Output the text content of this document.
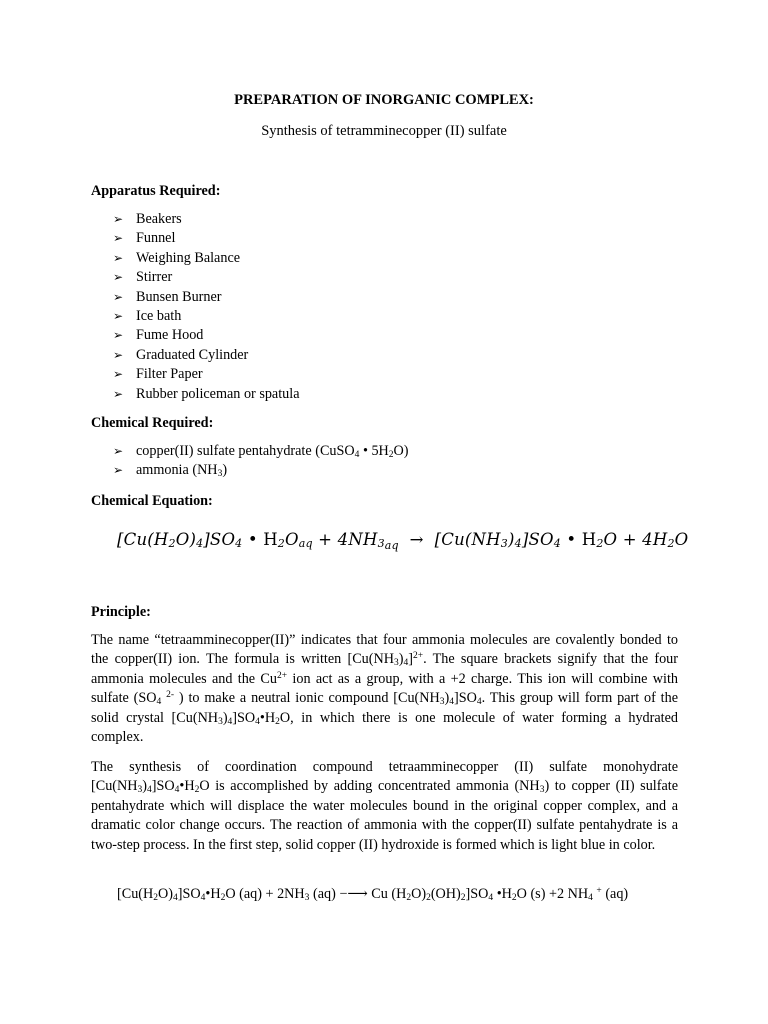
PREPARATION OF INORGANIC COMPLEX:
Synthesis of tetramminecopper (II) sulfate
Apparatus Required:
➢ Beakers
➢ Funnel
➢ Weighing Balance
➢ Stirrer
➢ Bunsen Burner
➢ Ice bath
➢ Fume Hood
➢ Graduated Cylinder
➢ Filter Paper
➢ Rubber policeman or spatula
Chemical Required:
➢ copper(II) sulfate pentahydrate (CuSO$_4$ • $5H_2O$)
➢ ammonia $(NH_3)$
Chemical Equation:
$[Cu(H_2O)_4]SO_4$ • $H_2O_{aq} + 4NH_{3_{aq}} \to [Cu(NH_3)_4]SO_4$ • $H_2O + 4H_2O$
Principle:
The name “tetraamminecopper(II)” indicates that four ammonia molecules are covalently bonded to the copper(II) ion. The formula is written $[Cu(NH_3)_4]^{2+}$. The square brackets signify that the four ammonia molecules and the $Cu^{2+}$ ion act as a group, with a +2 charge. This ion will combine with sulfate ($SO_4$ $^{2-}$ ) to make a neutral ionic compound $[Cu(NH_3)_4]SO_4$. This group will form part of the solid crystal $[Cu(NH_3)_4]SO_4•H_2O$, in which there is one molecule of water forming a hydrated complex.
The synthesis of coordination compound tetraamminecopper (II) sulfate monohydrate $[Cu(NH_3)_4]SO_4•H_2O$ is accomplished by adding concentrated ammonia $(NH_3)$ to copper (II) sulfate pentahydrate which will displace the water molecules bound in the original copper complex, and a dramatic color change occurs. The reaction of ammonia with the copper(II) sulfate pentahydrate is a two-step process. In the first step, solid copper (II) hydroxide is formed which is light blue in color.
$[Cu(H_2O)_4]SO_4•H_2O$ $(aq) + 2NH_3$ (aq) −⟶ Cu $(H_2O)_2(OH)_2]SO_4$ $•H_2O$ (s) +2 $NH_4$ + (aq)
